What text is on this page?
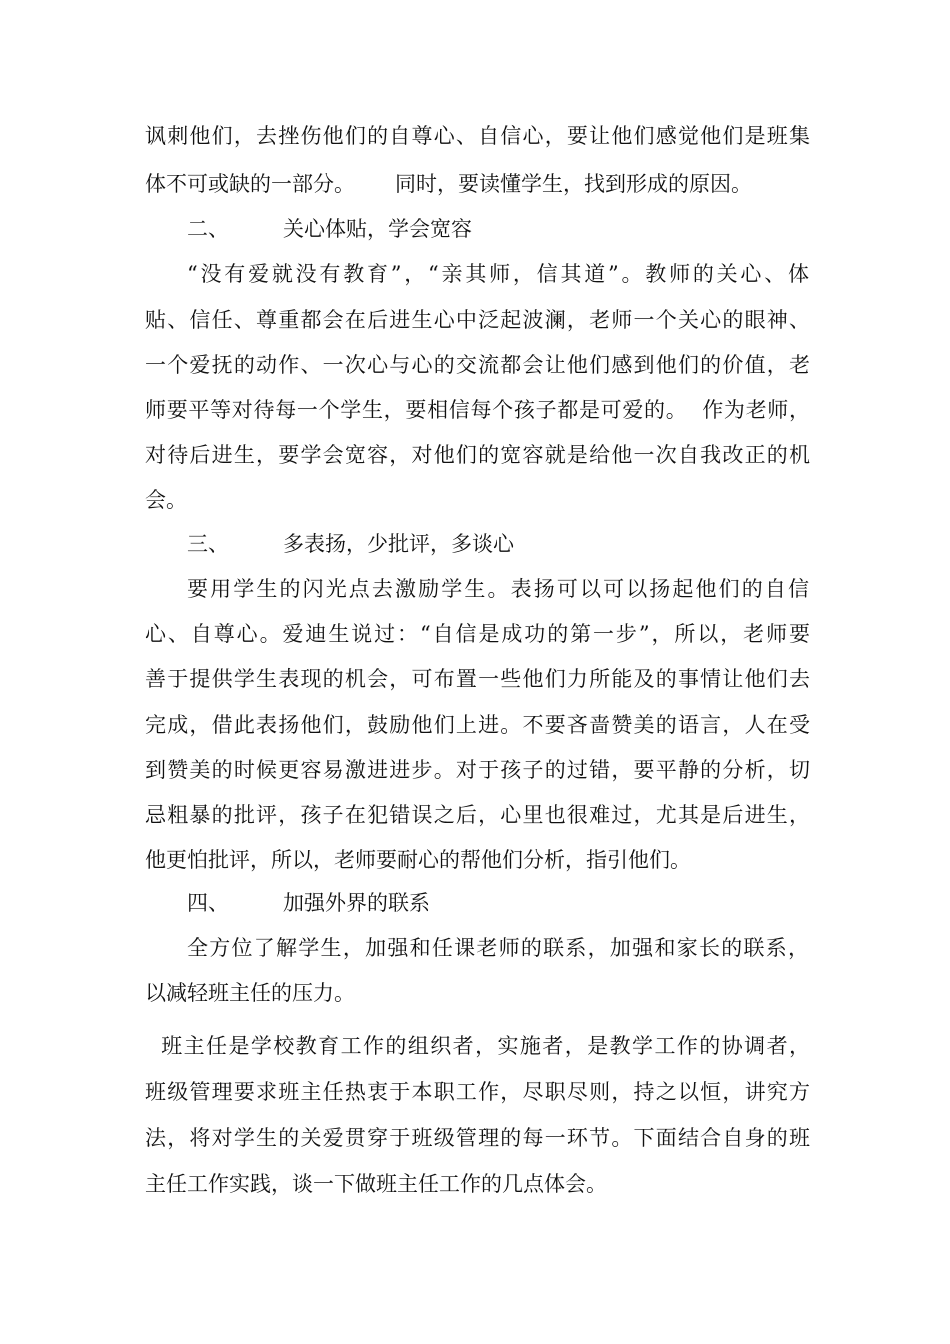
讽刺他们，去挫伤他们的自尊心、自信心，要让他们感觉他们是班集
体不可或缺的一部分。      同时，要读懂学生，找到形成的原因。
二、	关心体贴，学会宽容
“没有爱就没有教育”，“亲其师，信其道”。教师的关心、体
贴、信任、尊重都会在后进生心中泛起波澜，老师一个关心的眼神、
一个爱抚的动作、一次心与心的交流都会让他们感到他们的价值，老
师要平等对待每一个学生，要相信每个孩子都是可爱的。  作为老师，
对待后进生，要学会宽容，对他们的宽容就是给他一次自我改正的机
会。
三、	多表扬，少批评，多谈心
要用学生的闪光点去激励学生。表扬可以可以扬起他们的自信
心、自尊心。爱迪生说过：“自信是成功的第一步”，所以，老师要
善于提供学生表现的机会，可布置一些他们力所能及的事情让他们去
完成，借此表扬他们，鼓励他们上进。不要吝啬赞美的语言，人在受
到赞美的时候更容易激进进步。对于孩子的过错，要平静的分析，切
忌粗暴的批评，孩子在犯错误之后，心里也很难过，尤其是后进生，
他更怕批评，所以，老师要耐心的帮他们分析，指引他们。
四、	加强外界的联系
全方位了解学生，加强和任课老师的联系，加强和家长的联系，
以减轻班主任的压力。
班主任是学校教育工作的组织者，实施者，是教学工作的协调者，
班级管理要求班主任热衷于本职工作，尽职尽则，持之以恒，讲究方
法，将对学生的关爱贯穿于班级管理的每一环节。下面结合自身的班
主任工作实践，谈一下做班主任工作的几点体会。
